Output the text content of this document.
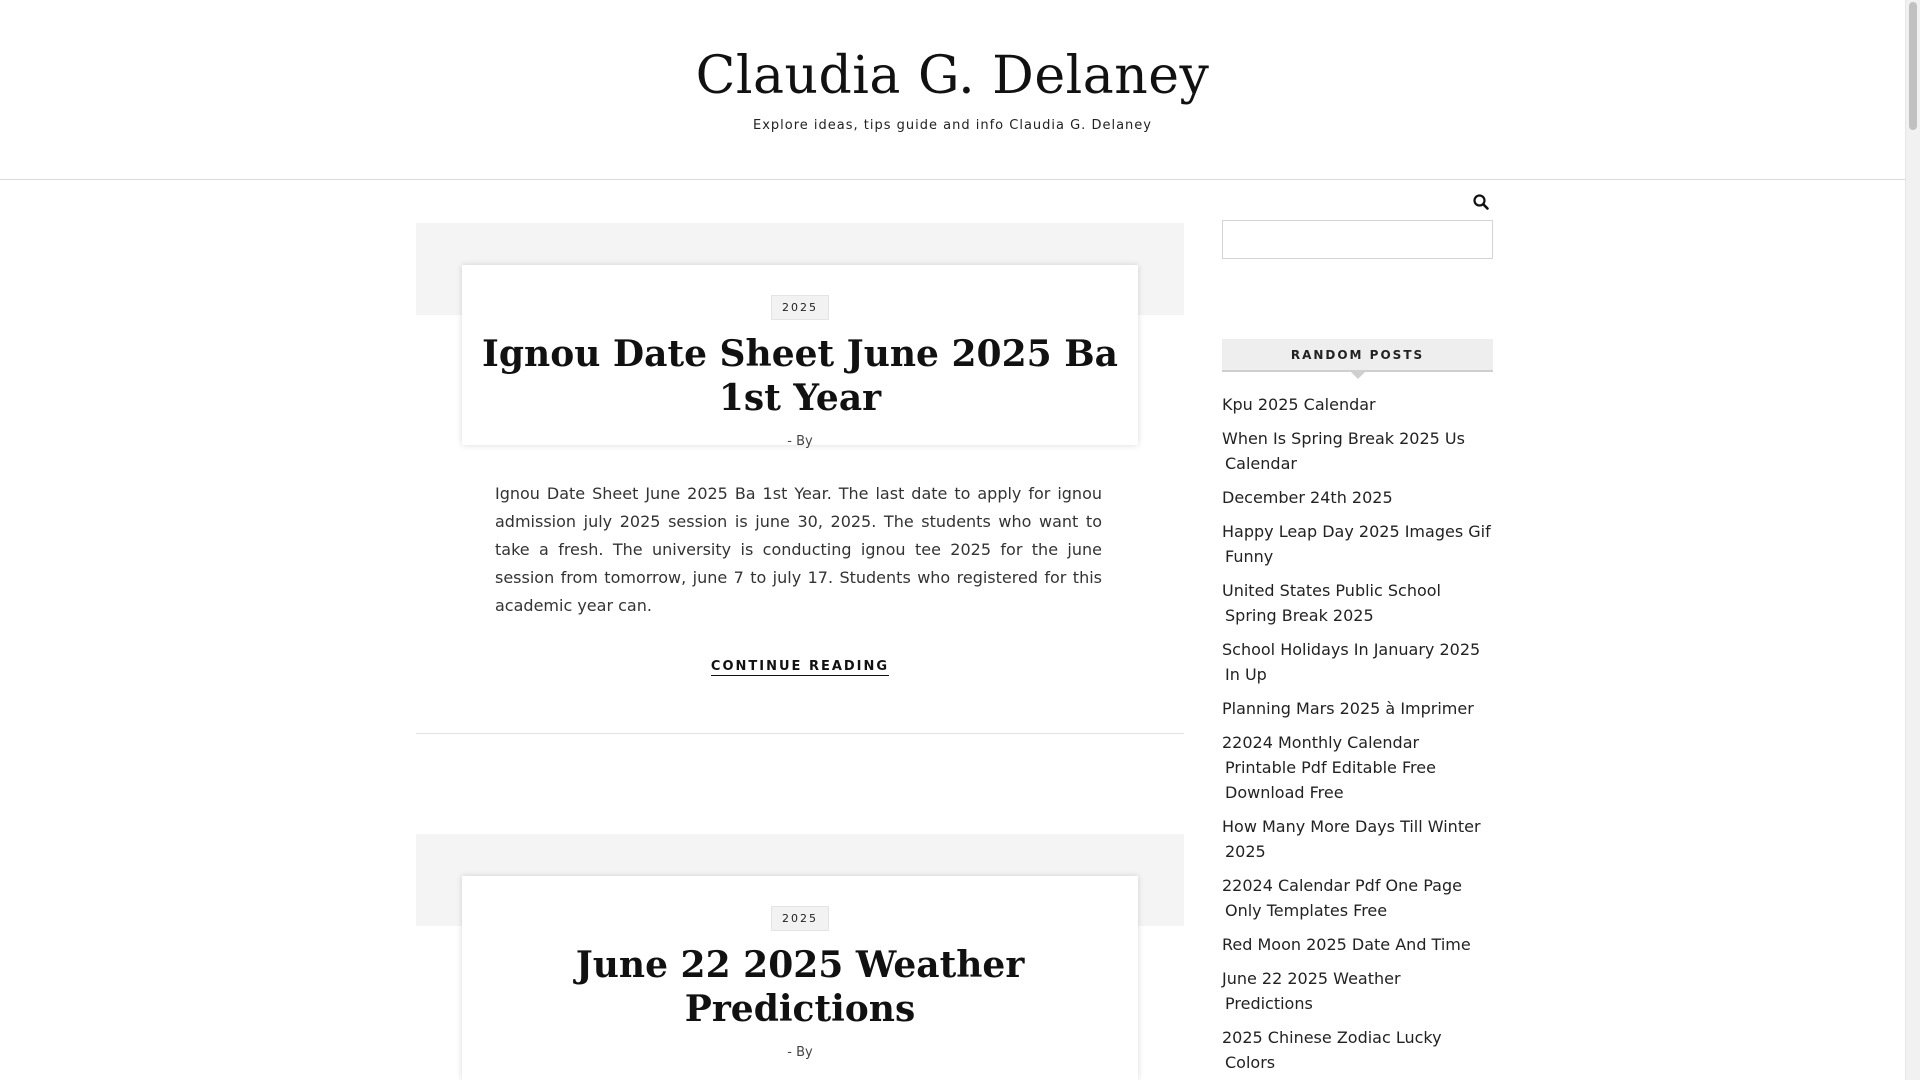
Claudia G. Delaney
Explore ideas, tips guide and info Claudia G. Delaney
2025
Ignou Date Sheet June 2025 Ba 1st Year
- By

Ignou Date Sheet June 2025 Ba 1st Year. The last date to apply for ignou admission july 2025 session is june 30, 2025. The students who want to take a fresh. The university is conducting ignou tee 2025 for the june session from tomorrow, june 7 to july 17. Students who registered for this academic year can.

CONTINUE READING
2025
June 22 2025 Weather Predictions
- By
RANDOM POSTS
Kpu 2025 Calendar
When Is Spring Break 2025 Us Calendar
December 24th 2025
Happy Leap Day 2025 Images Gif Funny
United States Public School Spring Break 2025
School Holidays In January 2025 In Up
Planning Mars 2025 à Imprimer
22024 Monthly Calendar Printable Pdf Editable Free Download Free
How Many More Days Till Winter 2025
22024 Calendar Pdf One Page Only Templates Free
Red Moon 2025 Date And Time
June 22 2025 Weather Predictions
2025 Chinese Zodiac Lucky Colors
